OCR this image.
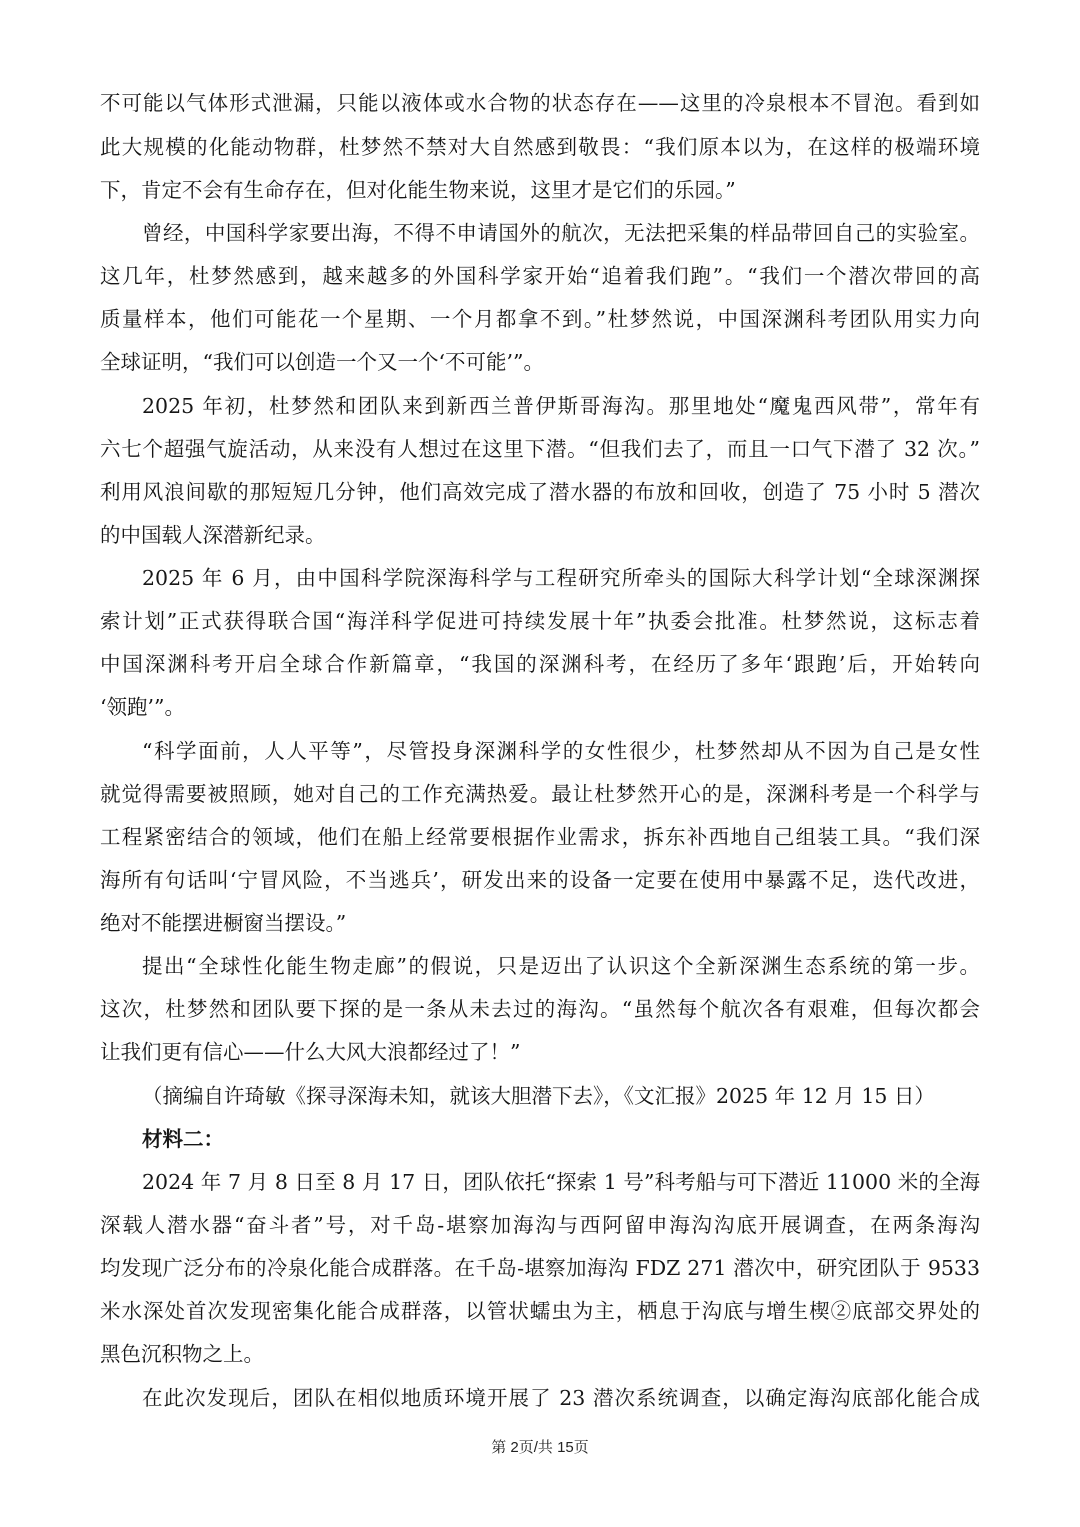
不可能以气体形式泄漏，只能以液体或水合物的状态存在——这里的冷泉根本不冒泡。看到如
此大规模的化能动物群，杜梦然不禁对大自然感到敬畏：“我们原本以为，在这样的极端环境
下，肯定不会有生命存在，但对化能生物来说，这里才是它们的乐园。”
曾经，中国科学家要出海，不得不申请国外的航次，无法把采集的样品带回自己的实验室。
这几年，杜梦然感到，越来越多的外国科学家开始“追着我们跑”。“我们一个潜次带回的高
质量样本，他们可能花一个星期、一个月都拿不到。”杜梦然说，中国深渊科考团队用实力向
全球证明，“我们可以创造一个又一个‘不可能’”。
2025 年初，杜梦然和团队来到新西兰普伊斯哥海沟。那里地处“魔鬼西风带”，常年有
六七个超强气旋活动，从来没有人想过在这里下潜。“但我们去了，而且一口气下潜了 32 次。”
利用风浪间歇的那短短几分钟，他们高效完成了潜水器的布放和回收，创造了 75 小时 5 潜次
的中国载人深潜新纪录。
2025 年 6 月，由中国科学院深海科学与工程研究所牵头的国际大科学计划“全球深渊探
索计划”正式获得联合国“海洋科学促进可持续发展十年”执委会批准。杜梦然说，这标志着
中国深渊科考开启全球合作新篇章，“我国的深渊科考，在经历了多年‘跟跑’后，开始转向
‘领跑’”。
“科学面前，人人平等”，尽管投身深渊科学的女性很少，杜梦然却从不因为自己是女性
就觉得需要被照顾，她对自己的工作充满热爱。最让杜梦然开心的是，深渊科考是一个科学与
工程紧密结合的领域，他们在船上经常要根据作业需求，拆东补西地自己组装工具。“我们深
海所有句话叫‘宁冒风险，不当逃兵’，研发出来的设备一定要在使用中暴露不足，迭代改进，
绝对不能摆进橱窗当摆设。”
提出“全球性化能生物走廊”的假说，只是迈出了认识这个全新深渊生态系统的第一步。
这次，杜梦然和团队要下探的是一条从未去过的海沟。“虽然每个航次各有艰难，但每次都会
让我们更有信心——什么大风大浪都经过了！”
（摘编自许琦敏《探寻深海未知，就该大胆潜下去》，《文汇报》2025 年 12 月 15 日）
材料二：
2024 年 7 月 8 日至 8 月 17 日，团队依托“探索 1 号”科考船与可下潜近 11000 米的全海
深载人潜水器“奋斗者”号，对千岛-堪察加海沟与西阿留申海沟沟底开展调查，在两条海沟
均发现广泛分布的冷泉化能合成群落。在千岛-堪察加海沟 FDZ 271 潜次中，研究团队于 9533
米水深处首次发现密集化能合成群落，以管状蠕虫为主，栖息于沟底与增生楔②底部交界处的
黑色沉积物之上。
在此次发现后，团队在相似地质环境开展了 23 潜次系统调查，以确定海沟底部化能合成
第 2页/共 15页
